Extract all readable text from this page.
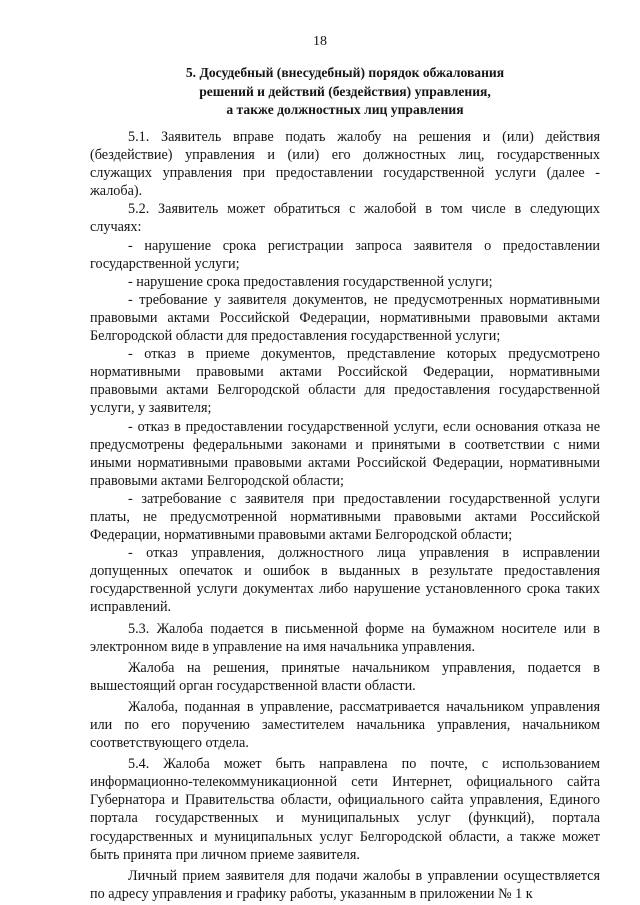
18
5. Досудебный (внесудебный) порядок обжалования
решений и действий (бездействия) управления,
а также должностных лиц управления

5.1. Заявитель вправе подать жалобу на решения и (или) действия (бездействие) управления и (или) его должностных лиц, государственных служащих управления при предоставлении государственной услуги (далее - жалоба).

5.2. Заявитель может обратиться с жалобой в том числе в следующих случаях:

- нарушение срока регистрации запроса заявителя о предоставлении государственной услуги;

- нарушение срока предоставления государственной услуги;

- требование у заявителя документов, не предусмотренных нормативными правовыми актами Российской Федерации, нормативными правовыми актами Белгородской области для предоставления государственной услуги;

- отказ в приеме документов, представление которых предусмотрено нормативными правовыми актами Российской Федерации, нормативными правовыми актами Белгородской области для предоставления государственной услуги, у заявителя;

- отказ в предоставлении государственной услуги, если основания отказа не предусмотрены федеральными законами и принятыми в соответствии с ними иными нормативными правовыми актами Российской Федерации, нормативными правовыми актами Белгородской области;

- затребование с заявителя при предоставлении государственной услуги платы, не предусмотренной нормативными правовыми актами Российской Федерации, нормативными правовыми актами Белгородской области;

- отказ управления, должностного лица управления в исправлении допущенных опечаток и ошибок в выданных в результате предоставления государственной услуги документах либо нарушение установленного срока таких исправлений.

5.3. Жалоба подается в письменной форме на бумажном носителе или в электронном виде в управление на имя начальника управления.

Жалоба на решения, принятые начальником управления, подается в вышестоящий орган государственной власти области.

Жалоба, поданная в управление, рассматривается начальником управления или по его поручению заместителем начальника управления, начальником соответствующего отдела.

5.4. Жалоба может быть направлена по почте, с использованием информационно-телекоммуникационной сети Интернет, официального сайта Губернатора и Правительства области, официального сайта управления, Единого портала государственных и муниципальных услуг (функций), портала государственных и муниципальных услуг Белгородской области, а также может быть принята при личном приеме заявителя.

Личный прием заявителя для подачи жалобы в управлении осуществляется по адресу управления и графику работы, указанным в приложении № 1 к
